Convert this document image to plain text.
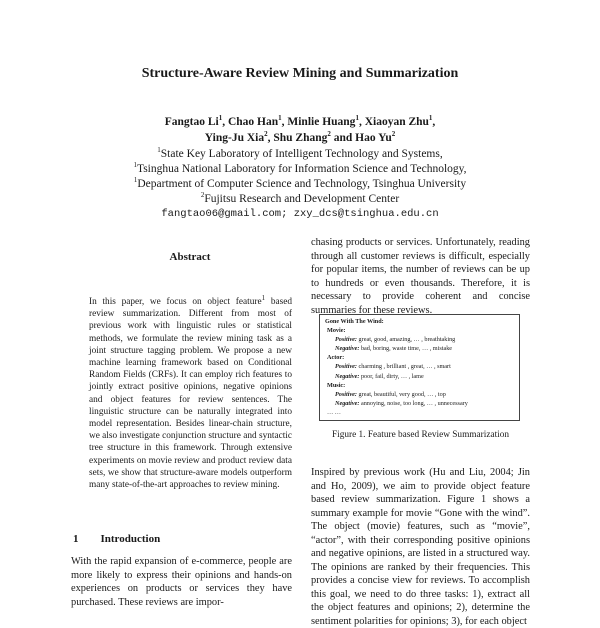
Structure-Aware Review Mining and Summarization
Fangtao Li$^1$, Chao Han$^1$, Minlie Huang$^1$, Xiaoyan Zhu$^1$,
Ying-Ju Xia$^2$, Shu Zhang$^2$ and Hao Yu$^2$
$^1$State Key Laboratory of Intelligent Technology and Systems,
$^1$Tsinghua National Laboratory for Information Science and Technology,
$^1$Department of Computer Science and Technology, Tsinghua University
$^2$Fujitsu Research and Development Center
fangtao06@gmail.com; zxy_dcs@tsinghua.edu.cn
Abstract
In this paper, we focus on object feature$^1$ based review summarization. Different from most of previous work with linguistic rules or statistical methods, we formulate the review mining task as a joint structure tagging problem. We propose a new machine learning framework based on Conditional Random Fields (CRFs). It can employ rich features to jointly extract positive opinions, negative opinions and object features for review sentences. The linguistic structure can be naturally integrated into model representation. Besides linear-chain structure, we also investigate conjunction structure and syntactic tree structure in this framework. Through extensive experiments on movie review and product review data sets, we show that structure-aware models outperform many state-of-the-art approaches to review mining.
1 Introduction
With the rapid expansion of e-commerce, people are more likely to express their opinions and hands-on experiences on products or services they have purchased. These reviews are impor-
chasing products or services. Unfortunately, reading through all customer reviews is difficult, especially for popular items, the number of reviews can be up to hundreds or even thousands. Therefore, it is necessary to provide coherent and concise summaries for these reviews.
Gone With The Wind:
Movie:
Positive: great, good, amazing, … , breathtaking
Negative: bad, boring, waste time, … , mistake
Actor:
Positive: charming , brilliant , great, … , smart
Negative: poor, fail, dirty, … , lame
Music:
Positive: great, beautiful, very good, … , top
Negative: annoying, noise, too long, … , unnecessary
… …
Figure 1. Feature based Review Summarization
Inspired by previous work (Hu and Liu, 2004; Jin and Ho, 2009), we aim to provide object feature based review summarization. Figure 1 shows a summary example for movie “Gone with the wind”. The object (movie) features, such as “movie”, “actor”, with their corresponding positive opinions and negative opinions, are listed in a structured way. The opinions are ranked by their frequencies. This provides a concise view for reviews. To accomplish this goal, we need to do three tasks: 1), extract all the object features and opinions; 2), determine the sentiment polarities for opinions; 3), for each object
